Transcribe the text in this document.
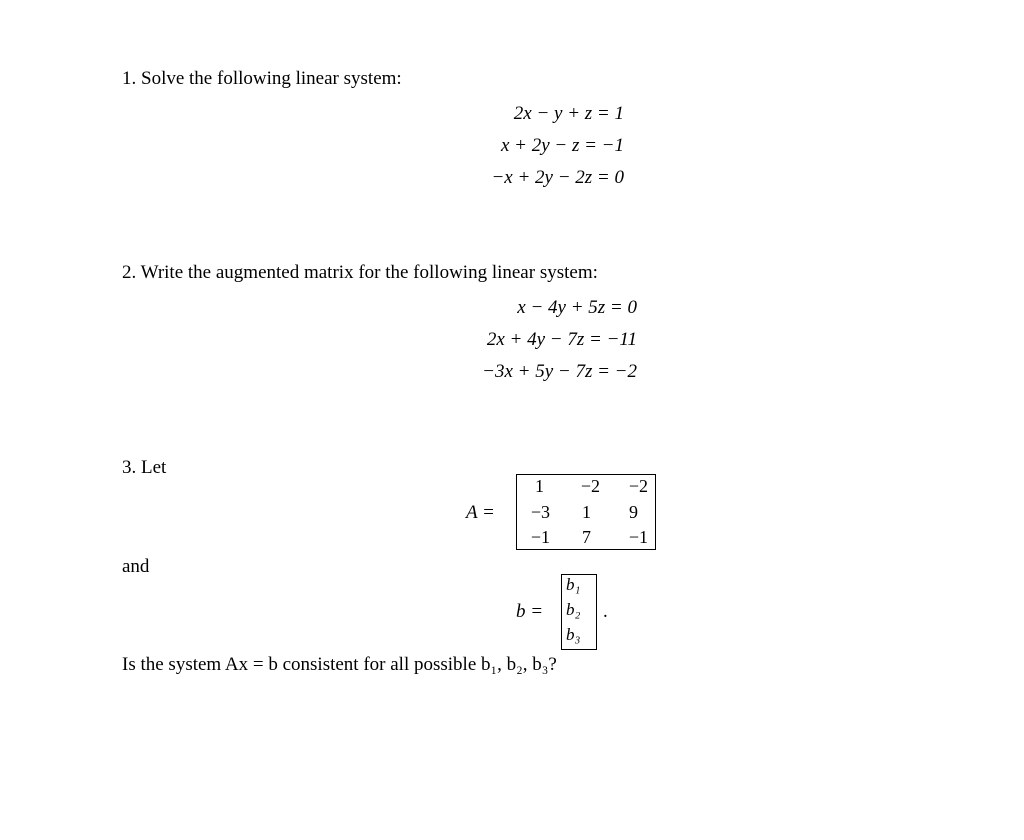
1. Solve the following linear system:
2x − y + z = 1
x + 2y − z = −1
−x + 2y − 2z = 0
2. Write the augmented matrix for the following linear system:
x − 4y + 5z = 0
2x + 4y − 7z = −11
−3x + 5y − 7z = −2
3. Let
A =
1	−2	−2
−3	1	9
−1	7	−1
and
b =
b₁
b₂
b₃
.
Is the system Ax = b consistent for all possible b₁, b₂, b₃?
